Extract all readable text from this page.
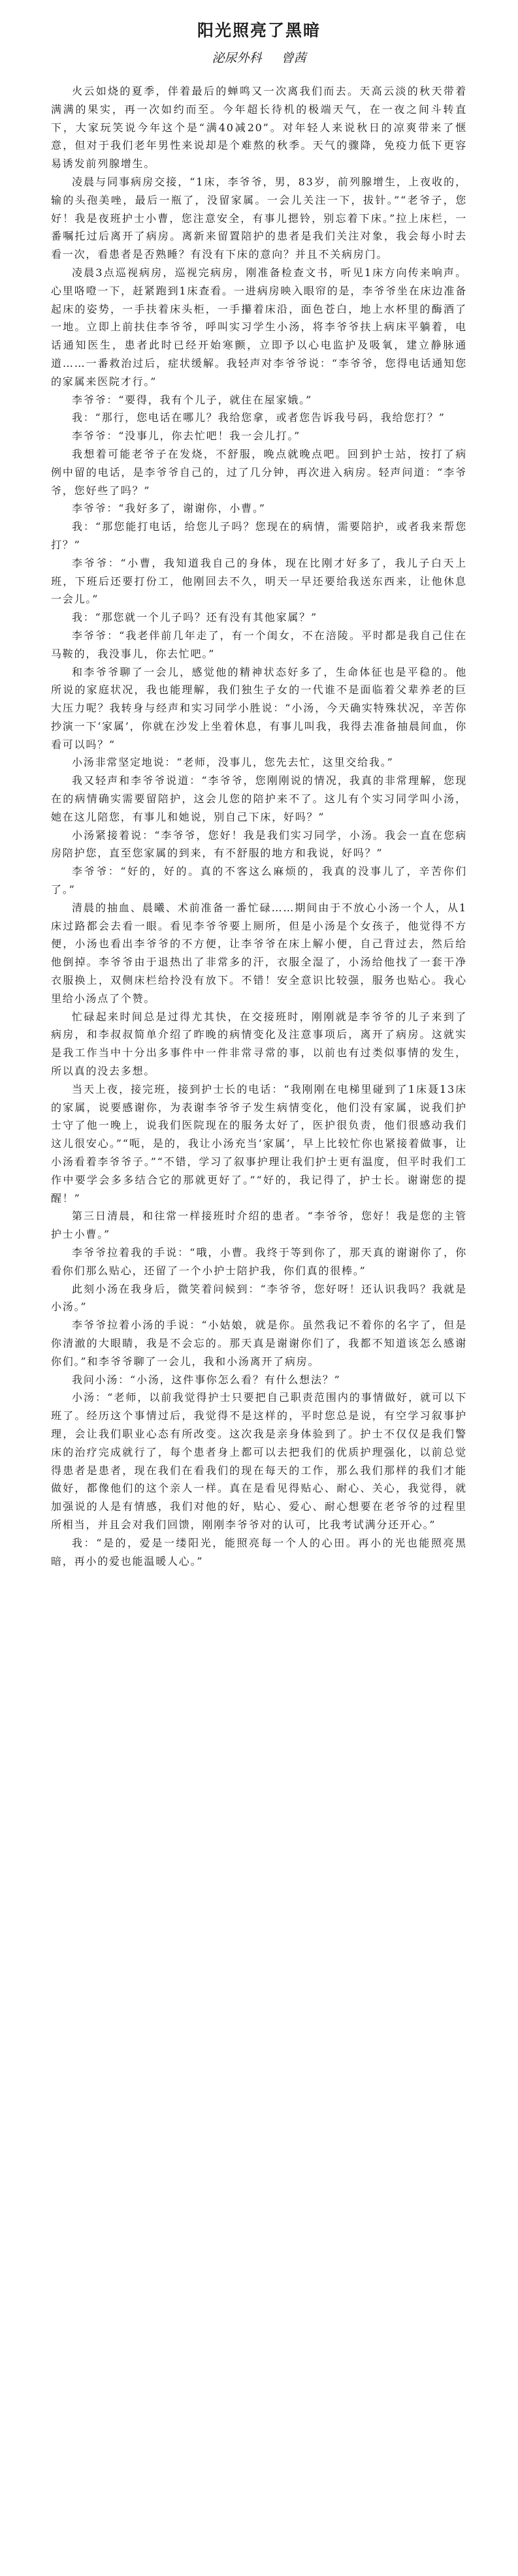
阳光照亮了黑暗
泌尿外科 曾茜

火云如烧的夏季，伴着最后的蝉鸣又一次离我们而去。天高云淡的秋天带着满满的果实，再一次如约而至。今年超长待机的极端天气，在一夜之间斗转直下，大家玩笑说今年这个是“满40减20”。对年轻人来说秋日的凉爽带来了惬意，但对于我们老年男性来说却是个难熬的秋季。天气的骤降，免疫力低下更容易诱发前列腺增生。

凌晨与同事病房交接，“1床，李爷爷，男，83岁，前列腺增生，上夜收的，输的头孢美唑，最后一瓶了，没留家属。一会儿关注一下，拔针。”“老爷子，您好！我是夜班护士小曹，您注意安全，有事儿摁铃，别忘着下床。”拉上床栏，一番嘱托过后离开了病房。离新来留置陪护的患者是我们关注对象，我会每小时去看一次，看患者是否熟睡？有没有下床的意向？并且不关病房门。

凌晨3点巡视病房，巡视完病房，刚准备检查文书，听见1床方向传来响声。心里咯噔一下，赶紧跑到1床查看。一进病房映入眼帘的是，李爷爷坐在床边准备起床的姿势，一手扶着床头柜，一手攥着床沿，面色苍白，地上水杯里的酶酒了一地。立即上前扶住李爷爷，呼叫实习学生小汤，将李爷爷扶上病床平躺着，电话通知医生，患者此时已经开始寒颤，立即予以心电监护及吸氧，建立静脉通道……一番救治过后，症状缓解。我轻声对李爷爷说：“李爷爷，您得电话通知您的家属来医院才行。”

李爷爷：“要得，我有个儿子，就住在屋家娥。”

我：“那行，您电话在哪儿？我给您拿，或者您告诉我号码，我给您打？”

李爷爷：“没事儿，你去忙吧！我一会儿打。”

我想着可能老爷子在发烧，不舒服，晚点就晚点吧。回到护士站，按打了病例中留的电话，是李爷爷自己的，过了几分钟，再次进入病房。轻声问道：“李爷爷，您好些了吗？”

李爷爷：“我好多了，谢谢你，小曹。”

我：“那您能打电话，给您儿子吗？您现在的病情，需要陪护，或者我来帮您打？”

李爷爷：“小曹，我知道我自己的身体，现在比刚才好多了，我儿子白天上班，下班后还要打份工，他刚回去不久，明天一早还要给我送东西来，让他休息一会儿。”

我：“那您就一个儿子吗？还有没有其他家属？”

李爷爷：“我老伴前几年走了，有一个闺女，不在涪陵。平时都是我自己住在马鞍的，我没事儿，你去忙吧。”

和李爷爷聊了一会儿，感觉他的精神状态好多了，生命体征也是平稳的。他所说的家庭状况，我也能理解，我们独生子女的一代谁不是面临着父辈养老的巨大压力呢？我转身与经声和实习同学小胜说：“小汤，今天确实特殊状况，辛苦你抄演一下‘家属’，你就在沙发上坐着休息，有事儿叫我，我得去准备抽晨间血，你看可以吗？”

小汤非常坚定地说：“老师，没事儿，您先去忙，这里交给我。”

我又轻声和李爷爷说道：“李爷爷，您刚刚说的情况，我真的非常理解，您现在的病情确实需要留陪护，这会儿您的陪护来不了。这儿有个实习同学叫小汤，她在这儿陪您，有事儿和她说，别自己下床，好吗？”

小汤紧接着说：“李爷爷，您好！我是我们实习同学，小汤。我会一直在您病房陪护您，直至您家属的到来，有不舒服的地方和我说，好吗？”

李爷爷：“好的，好的。真的不客这么麻烦的，我真的没事儿了，辛苦你们了。”

清晨的抽血、晨曦、术前准备一番忙碌……期间由于不放心小汤一个人，从1床过路都会去看一眼。看见李爷爷要上厕所，但是小汤是个女孩子，他觉得不方便，小汤也看出李爷爷的不方便，让李爷爷在床上解小便，自己背过去，然后给他倒掉。李爷爷由于退热出了非常多的汗，衣服全湿了，小汤给他找了一套干净衣服换上，双侧床栏给拎没有放下。不错！安全意识比较强，服务也贴心。我心里给小汤点了个赞。

忙碌起来时间总是过得尤其快，在交接班时，刚刚就是李爷爷的儿子来到了病房，和李叔叔简单介绍了昨晚的病情变化及注意事项后，离开了病房。这就实是我工作当中十分出多事件中一件非常寻常的事，以前也有过类似事情的发生，所以真的没去多想。

当天上夜，接完班，接到护士长的电话：“我刚刚在电梯里碰到了1床聂13床的家属，说要感谢你，为表谢李爷爷子发生病情变化，他们没有家属，说我们护士守了他一晚上，说我们医院现在的服务太好了，医护很负责，他们很感动我们这儿很安心。”“呃，是的，我让小汤充当‘家属’，早上比较忙你也紧接着做事，让小汤看着李爷爷子。”“不错，学习了叙事护理让我们护士更有温度，但平时我们工作中要学会多多结合它的那就更好了。”“好的，我记得了，护士长。谢谢您的提醒！”

第三日清晨，和往常一样接班时介绍的患者。“李爷爷，您好！我是您的主管护士小曹。”

李爷爷拉着我的手说：“哦，小曹。我终于等到你了，那天真的谢谢你了，你看你们那么贴心，还留了一个小护士陪护我，你们真的很棒。”

此刻小汤在我身后，微笑着问候到：“李爷爷，您好呀！还认识我吗？我就是小汤。”

李爷爷拉着小汤的手说：“小姑娘，就是你。虽然我记不着你的名字了，但是你清澈的大眼睛，我是不会忘的。那天真是谢谢你们了，我都不知道该怎么感谢你们。”和李爷爷聊了一会儿，我和小汤离开了病房。

我问小汤：“小汤，这件事你怎么看？有什么想法？”

小汤：“老师，以前我觉得护士只要把自己职责范围内的事情做好，就可以下班了。经历这个事情过后，我觉得不是这样的，平时您总是说，有空学习叙事护理，会让我们职业心态有所改变。这次我是亲身体验到了。护士不仅仅是我们警床的治疗完成就行了，每个患者身上都可以去把我们的优质护理强化，以前总觉得患者是患者，现在我们在看我们的现在每天的工作，那么我们那样的我们才能做好，都像他们的这个亲人一样。真在是看见得贴心、耐心、关心，我觉得，就加强说的人是有情感，我们对他的好，贴心、爱心、耐心想要在老爷爷的过程里所相当，并且会对我们回馈，刚刚李爷爷对的认可，比我考试满分还开心。”

我：“是的，爱是一缕阳光，能照亮每一个人的心田。再小的光也能照亮黑暗，再小的爱也能温暖人心。”
